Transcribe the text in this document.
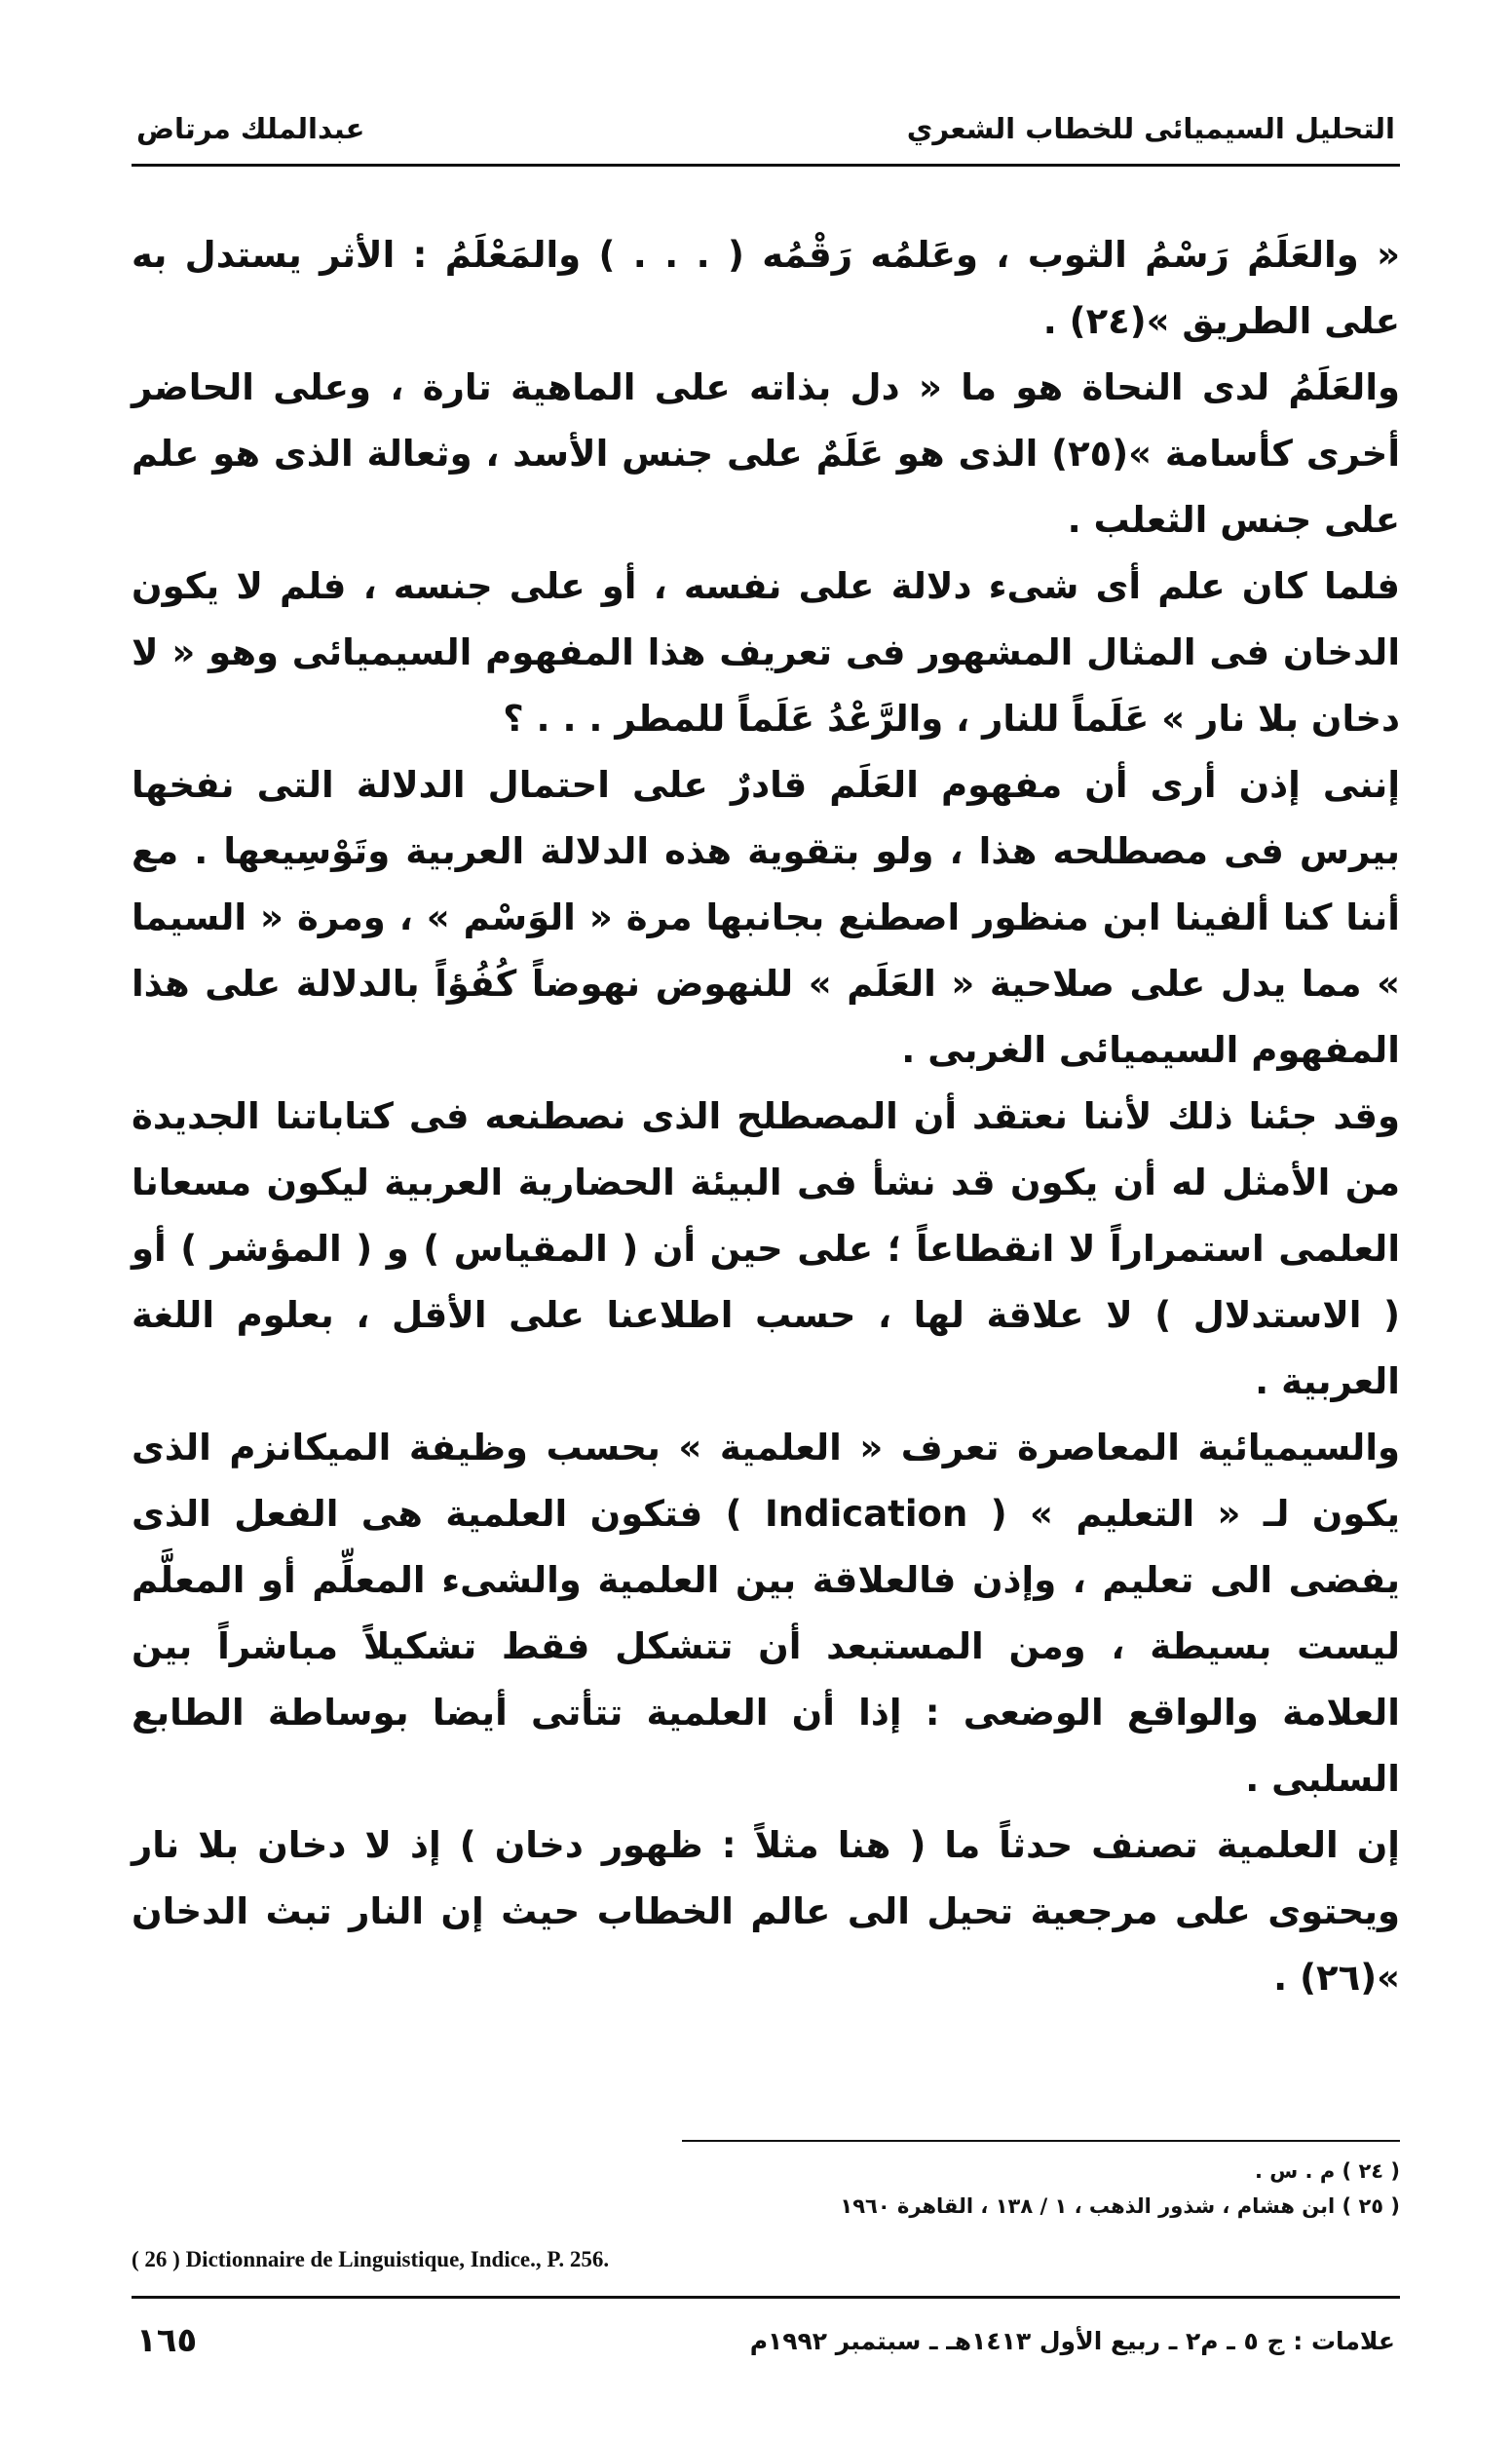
التحليل السيميائى للخطاب الشعري
عبدالملك مرتاض

« والعَلَمُ رَسْمُ الثوب ، وعَلمُه رَقْمُه ( . . . ) والمَعْلَمُ : الأثر يستدل به على الطريق »(٢٤) .

والعَلَمُ لدى النحاة هو ما « دل بذاته على الماهية تارة ، وعلى الحاضر أخرى كأسامة »(٢٥) الذى هو عَلَمٌ على جنس الأسد ، وثعالة الذى هو علم على جنس الثعلب .

فلما كان علم أى شىء دلالة على نفسه ، أو على جنسه ، فلم لا يكون الدخان فى المثال المشهور فى تعريف هذا المفهوم السيميائى وهو « لا دخان بلا نار » عَلَماً للنار ، والرَّعْدُ عَلَماً للمطر . . . ؟

إننى إذن أرى أن مفهوم العَلَم قادرٌ على احتمال الدلالة التى نفخها بيرس فى مصطلحه هذا ، ولو بتقوية هذه الدلالة العربية وتَوْسِيعها . مع أننا كنا ألفينا ابن منظور اصطنع بجانبها مرة « الوَسْم » ، ومرة « السيما » مما يدل على صلاحية « العَلَم » للنهوض نهوضاً كُفُؤاً بالدلالة على هذا المفهوم السيميائى الغربى .

وقد جئنا ذلك لأننا نعتقد أن المصطلح الذى نصطنعه فى كتاباتنا الجديدة من الأمثل له أن يكون قد نشأ فى البيئة الحضارية العربية ليكون مسعانا العلمى استمراراً لا انقطاعاً ؛ على حين أن ( المقياس ) و ( المؤشر ) أو ( الاستدلال ) لا علاقة لها ، حسب اطلاعنا على الأقل ، بعلوم اللغة العربية .

والسيميائية المعاصرة تعرف « العلمية » بحسب وظيفة الميكانزم الذى يكون لـ « التعليم » ( Indication ) فتكون العلمية هى الفعل الذى يفضى الى تعليم ، وإذن فالعلاقة بين العلمية والشىء المعلِّم أو المعلَّم ليست بسيطة ، ومن المستبعد أن تتشكل فقط تشكيلاً مباشراً بين العلامة والواقع الوضعى : إذا أن العلمية تتأتى أيضا بوساطة الطابع السلبى .

إن العلمية تصنف حدثاً ما ( هنا مثلاً : ظهور دخان ) إذ لا دخان بلا نار ويحتوى على مرجعية تحيل الى عالم الخطاب حيث إن النار تبث الدخان »(٢٦) .

( ٢٤ ) م . س .

( ٢٥ ) ابن هشام ، شذور الذهب ، ١ / ١٣٨ ، القاهرة ١٩٦٠

( 26 ) Dictionnaire de Linguistique, Indice., P. 256.
علامات : ج ٥ ـ م٢ ـ ربيع الأول ١٤١٣هـ ـ سبتمبر ١٩٩٢م
١٦٥
